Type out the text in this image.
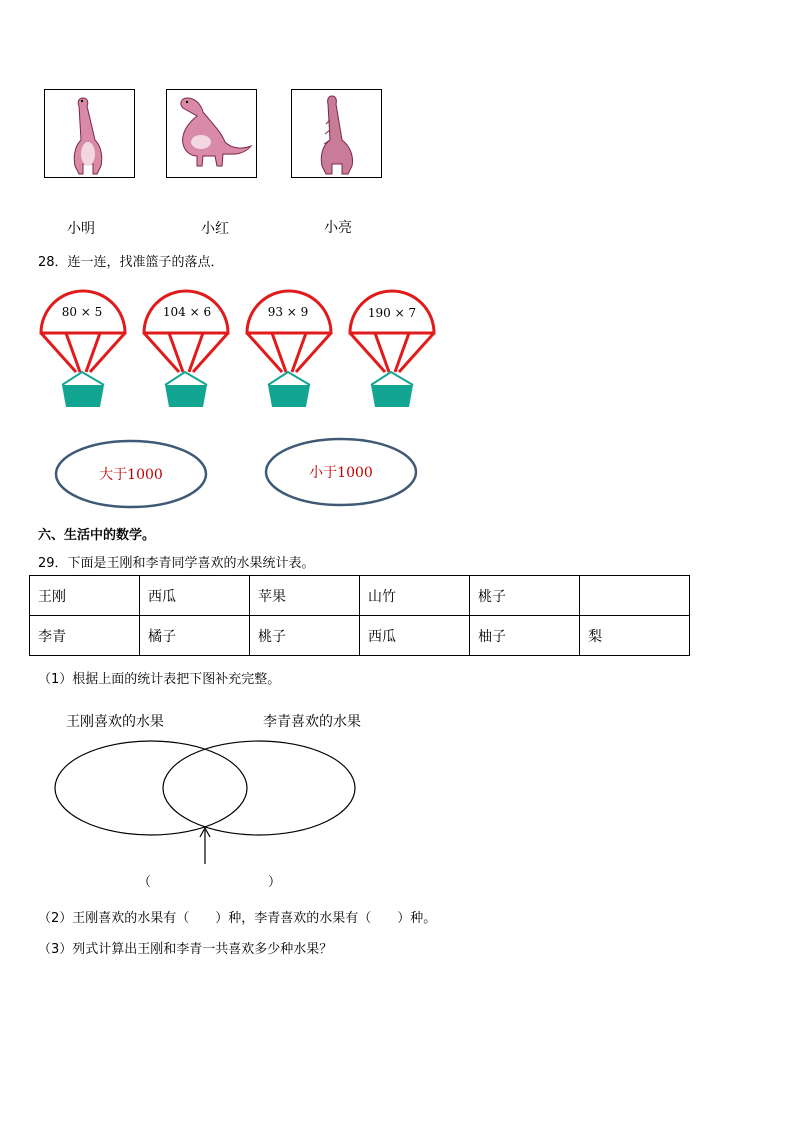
小明	小红	小亮
28．连一连，找准篮子的落点．
80 × 5	104 × 6	93 × 9	190 × 7
大于1000	小于1000
六、生活中的数学。
29．下面是王刚和李青同学喜欢的水果统计表。
王刚	西瓜	苹果	山竹	桃子	
李青	橘子	桃子	西瓜	柚子	梨
（1）根据上面的统计表把下图补充完整。
王刚喜欢的水果	李青喜欢的水果
（　　　　　　　　　）
（2）王刚喜欢的水果有（　　）种，李青喜欢的水果有（　　）种。
（3）列式计算出王刚和李青一共喜欢多少种水果？
